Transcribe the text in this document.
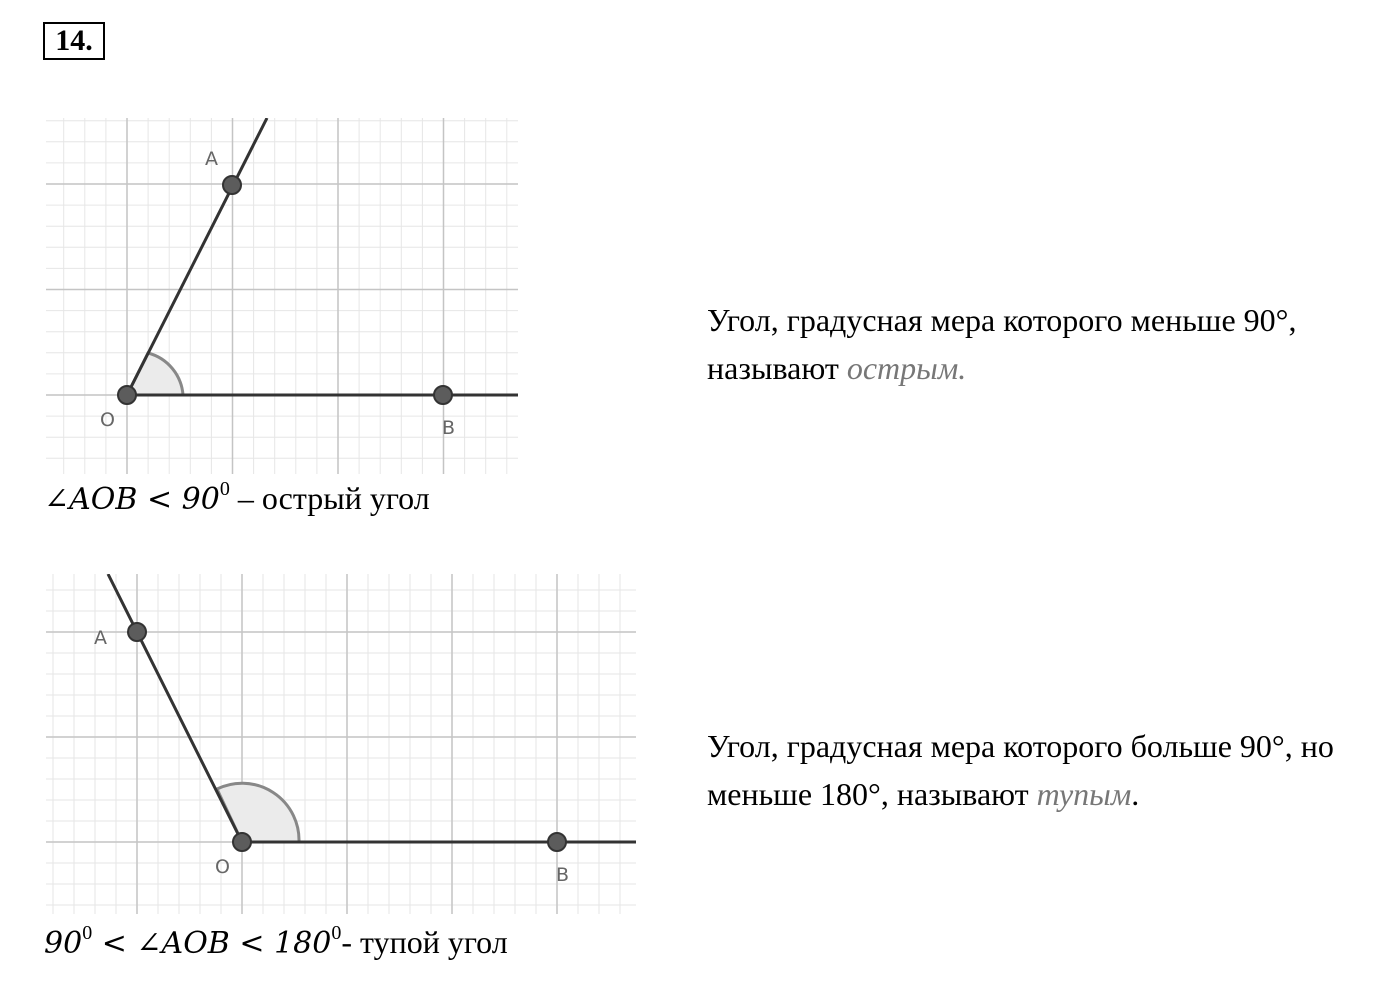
14.
A
O	B
∠AOB < $90^0$ – острый угол
Угол, градусная мера которого меньше 90°, называют острым.
A
O	B
$90^0$ < ∠AOB < $180^0-$ тупой угол
Угол, градусная мера которого больше 90°, но меньше 180°, называют тупым.
